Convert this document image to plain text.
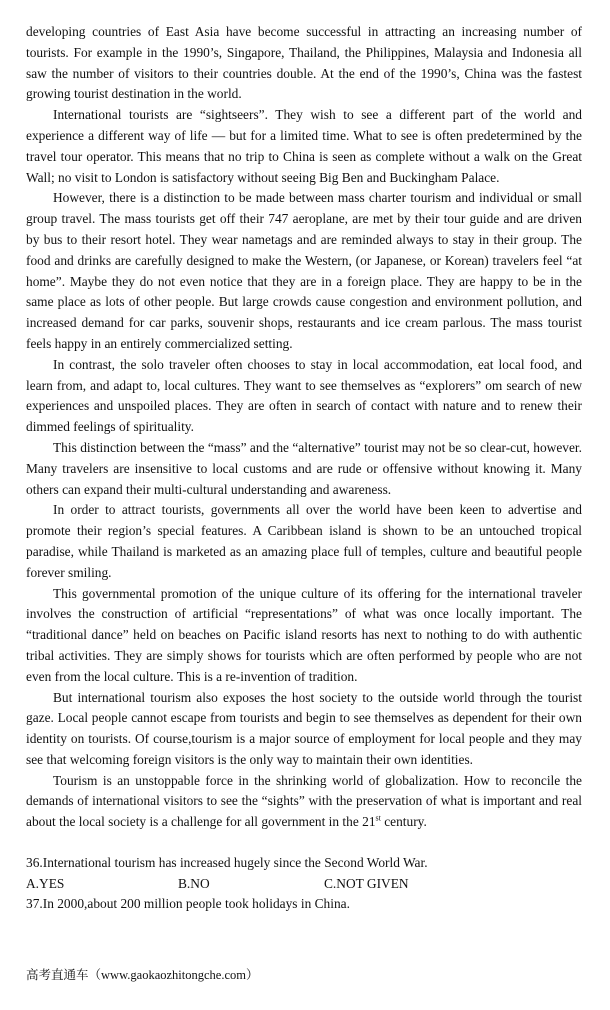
developing countries of East Asia have become successful in attracting an increasing number of tourists. For example in the 1990’s, Singapore, Thailand, the Philippines, Malaysia and Indonesia all saw the number of visitors to their countries double. At the end of the 1990’s, China was the fastest growing tourist destination in the world.

International tourists are “sightseers”. They wish to see a different part of the world and experience a different way of life — but for a limited time. What to see is often predetermined by the travel tour operator. This means that no trip to China is seen as complete without a walk on the Great Wall; no visit to London is satisfactory without seeing Big Ben and Buckingham Palace.

However, there is a distinction to be made between mass charter tourism and individual or small group travel. The mass tourists get off their 747 aeroplane, are met by their tour guide and are driven by bus to their resort hotel. They wear nametags and are reminded always to stay in their group. The food and drinks are carefully designed to make the Western, (or Japanese, or Korean) travelers feel “at home”. Maybe they do not even notice that they are in a foreign place. They are happy to be in the same place as lots of other people. But large crowds cause congestion and environment pollution, and increased demand for car parks, souvenir shops, restaurants and ice cream parlous. The mass tourist feels happy in an entirely commercialized setting.

In contrast, the solo traveler often chooses to stay in local accommodation, eat local food, and learn from, and adapt to, local cultures. They want to see themselves as “explorers” om search of new experiences and unspoiled places. They are often in search of contact with nature and to renew their dimmed feelings of spirituality.

This distinction between the “mass” and the “alternative” tourist may not be so clear-cut, however. Many travelers are insensitive to local customs and are rude or offensive without knowing it. Many others can expand their multi-cultural understanding and awareness.

In order to attract tourists, governments all over the world have been keen to advertise and promote their region’s special features. A Caribbean island is shown to be an untouched tropical paradise, while Thailand is marketed as an amazing place full of temples, culture and beautiful people forever smiling.

This governmental promotion of the unique culture of its offering for the international traveler involves the construction of artificial “representations” of what was once locally important. The “traditional dance” held on beaches on Pacific island resorts has next to nothing to do with authentic tribal activities. They are simply shows for tourists which are often performed by people who are not even from the local culture. This is a re-invention of tradition.

But international tourism also exposes the host society to the outside world through the tourist gaze. Local people cannot escape from tourists and begin to see themselves as dependent for their own identity on tourists. Of course,tourism is a major source of employment for local people and they may see that welcoming foreign visitors is the only way to maintain their own identities.

Tourism is an unstoppable force in the shrinking world of globalization. How to reconcile the demands of international visitors to see the “sights” with the preservation of what is important and real about the local society is a challenge for all government in the 21st century.

36.International tourism has increased hugely since the Second World War.

A.YES	B.NO	C.NOT GIVEN

37.In 2000,about 200 million people took holidays in China.

高考直通车（www.gaokaozhitongche.com）
